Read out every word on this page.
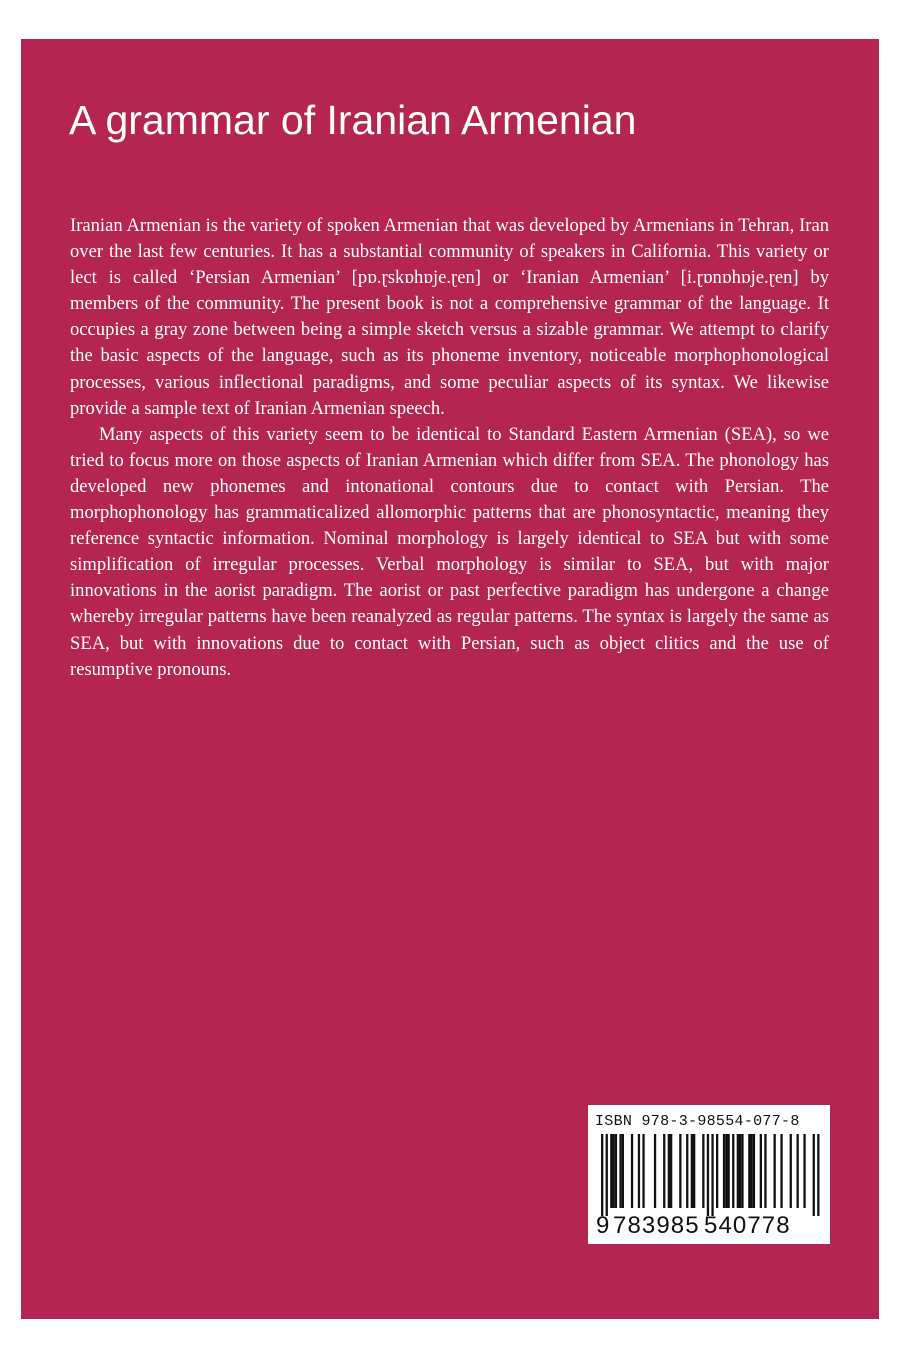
A grammar of Iranian Armenian

Iranian Armenian is the variety of spoken Armenian that was developed by Armenians in Tehran, Iran over the last few centuries. It has a substantial community of speakers in California. This variety or lect is called ‘Persian Armenian’ [pɒ.ɽskɒhɒje.ɽen] or ‘Iranian Armenian’ [i.ɽɒnɒhɒje.ɽen] by members of the community. The present book is not a comprehensive grammar of the language. It occupies a gray zone between being a simple sketch versus a sizable grammar. We attempt to clarify the basic aspects of the language, such as its phoneme inventory, noticeable morphophonological processes, various inflectional paradigms, and some peculiar aspects of its syntax. We likewise provide a sample text of Iranian Armenian speech.

Many aspects of this variety seem to be identical to Standard Eastern Armenian (SEA), so we tried to focus more on those aspects of Iranian Armenian which differ from SEA. The phonology has developed new phonemes and intonational contours due to contact with Persian. The morphophonology has grammaticalized allomorphic patterns that are phonosyntactic, meaning they reference syntactic information. Nominal morphology is largely identical to SEA but with some simplification of irregular processes. Verbal morphology is similar to SEA, but with major innovations in the aorist paradigm. The aorist or past perfective paradigm has undergone a change whereby irregular patterns have been reanalyzed as regular patterns. The syntax is largely the same as SEA, but with innovations due to contact with Persian, such as object clitics and the use of resumptive pronouns.

ISBN 978-3-98554-077-8
9 783985 540778
